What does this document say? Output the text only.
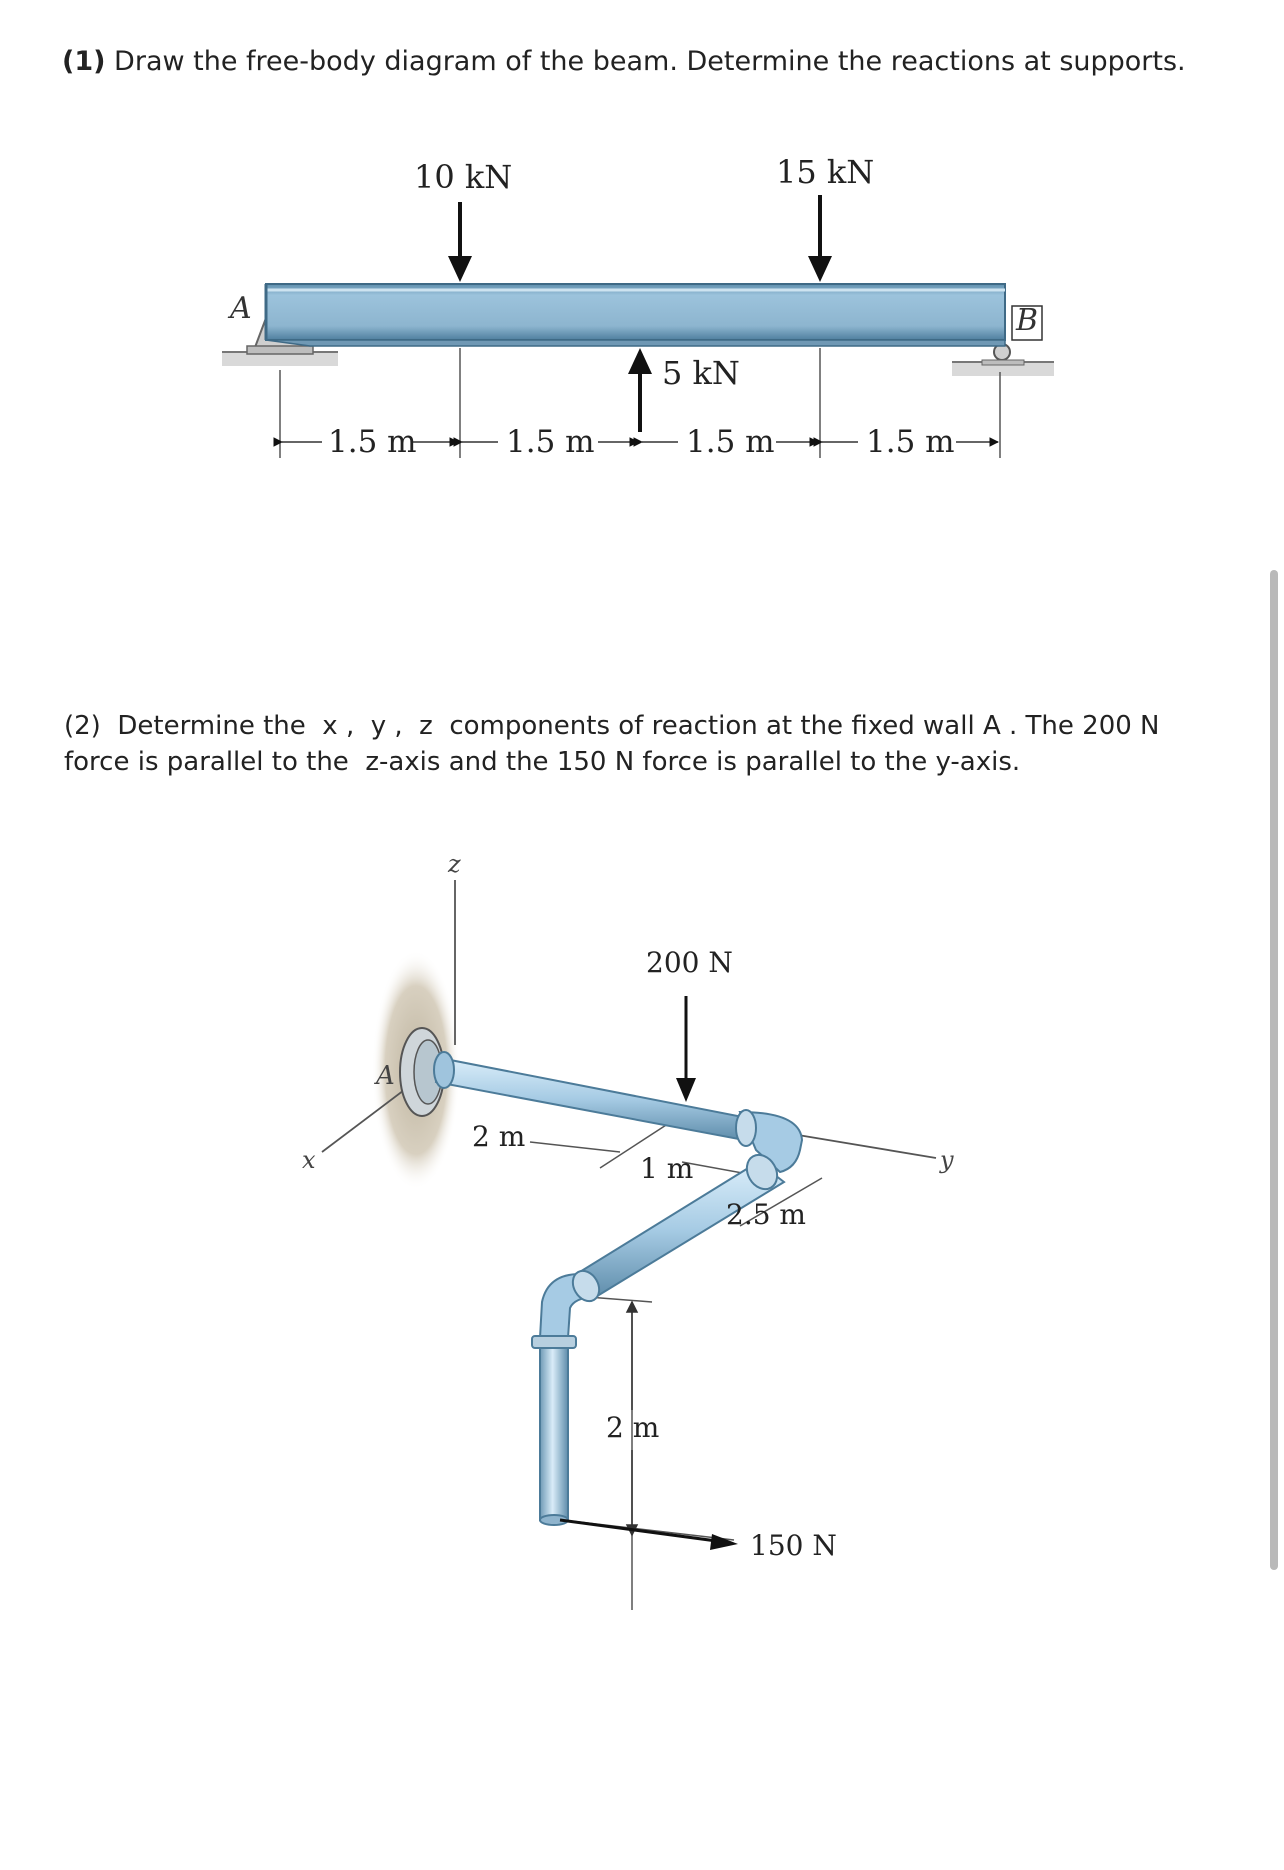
(1) Draw the free-body diagram of the beam. Determine the reactions at supports.
A	B
10 kN	15 kN
5 kN
1.5 m	1.5 m	1.5 m	1.5 m
(2)  Determine the  x ,  y ,  z  components of reaction at the fixed wall A . The 200 N
force is parallel to the  z-axis and the 150 N force is parallel to the y-axis.
z
x	y
A
200 N
150 N
2 m
1 m
2.5 m
2 m
